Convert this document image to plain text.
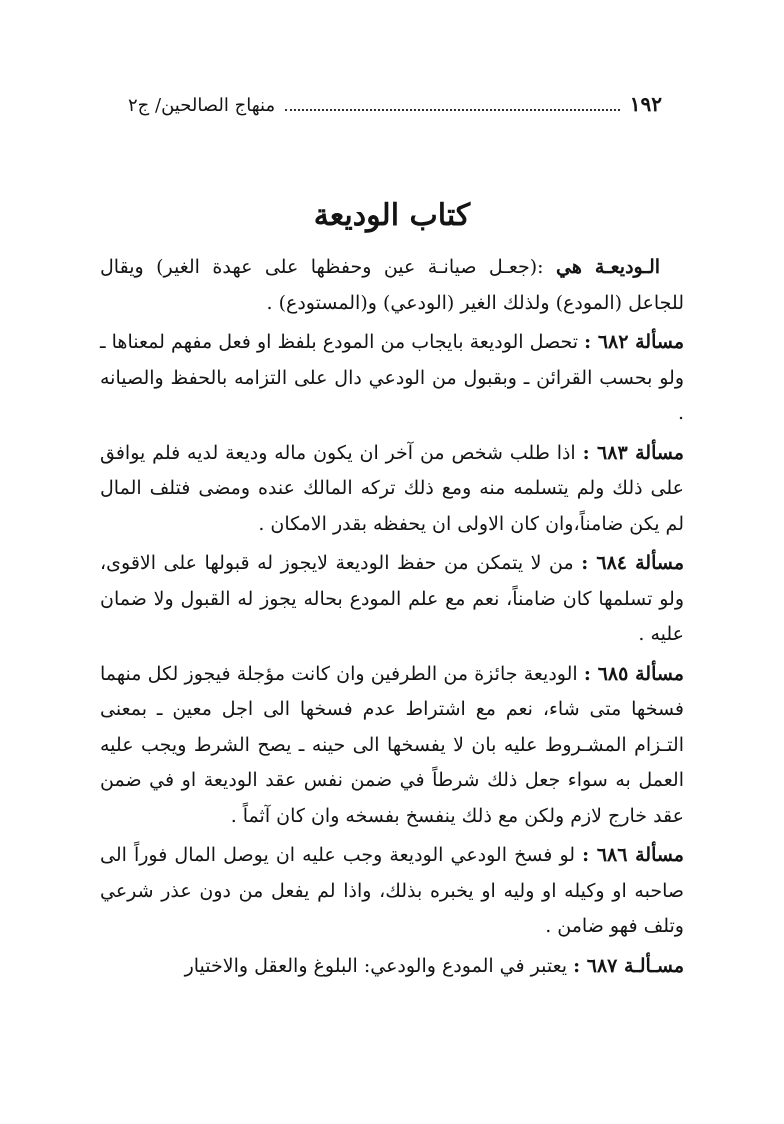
١٩٢
منهاج الصالحين/ ج٢
كتاب الوديعة

الـوديعـة هي :(جعـل صيانـة عين وحفظها على عهدة الغير) ويقال للجاعل (المودع) ولذلك الغير (الودعي) و(المستودع) .

مسألة ٦٨٢ : تحصل الوديعة بايجاب من المودع بلفظ او فعل مفهم لمعناها ـ ولو بحسب القرائن ـ وبقبول من الودعي دال على التزامه بالحفظ والصيانه .

مسألة ٦٨٣ : اذا طلب شخص من آخر ان يكون ماله وديعة لديه فلم يوافق على ذلك ولم يتسلمه منه ومع ذلك تركه المالك عنده ومضى فتلف المال لم يكن ضامناً،وان كان الاولى ان يحفظه بقدر الامكان .

مسألة ٦٨٤ : من لا يتمكن من حفظ الوديعة لايجوز له قبولها على الاقوى، ولو تسلمها كان ضامناً، نعم مع علم المودع بحاله يجوز له القبول ولا ضمان عليه .

مسألة ٦٨٥ : الوديعة جائزة من الطرفين وان كانت مؤجلة فيجوز لكل منهما فسخها متى شاء، نعم مع اشتراط عدم فسخها الى اجل معين ـ بمعنى التـزام المشـروط عليه بان لا يفسخها الى حينه ـ يصح الشرط ويجب عليه العمل به سواء جعل ذلك شرطاً في ضمن نفس عقد الوديعة او في ضمن عقد خارج لازم ولكن مع ذلك ينفسخ بفسخه وان كان آثماً .

مسألة ٦٨٦ : لو فسخ الودعي الوديعة وجب عليه ان يوصل المال فوراً الى صاحبه او وكيله او وليه او يخبره بذلك، واذا لم يفعل من دون عذر شرعي وتلف فهو ضامن .

مسـألـة ٦٨٧ : يعتبر في المودع والودعي: البلوغ والعقل والاختيار
